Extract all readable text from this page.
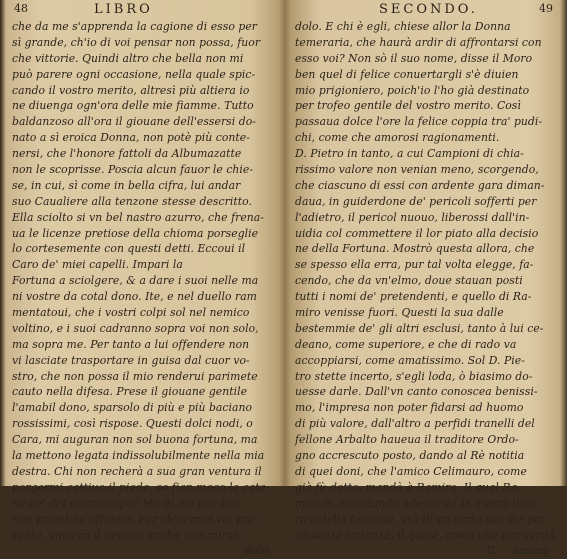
48	LIBRO
che da me s'apprenda la cagione di esso per
sì grande, ch'io di voi pensar non possa, fuor
che vittorie. Quindi altro che bella non mi
può parere ogni occasione, nella quale spic-
cando il vostro merito, altresì più altiera io
ne diuenga ogn'ora delle mie fiamme. Tutto
baldanzoso all'ora il giouane dell'essersi do-
nato a sì eroica Donna, non potè più conte-
nersi, che l'honore fattoli da Albumazatte
non le scoprisse. Poscia alcun fauor le chie-
se, in cui, sì come in bella cifra, lui andar
suo Caualiere alla tenzone stesse descritto.
Ella sciolto si vn bel nastro azurro, che frena-
ua le licenze pretiose della chioma porseglie
lo cortesemente con questi detti. Eccoui il
Caro de' miei capelli. Impari la
Fortuna a sciolgere, & a dare i suoi nelle ma
ni vostre da cotal dono. Ite, e nel duello ram
mentatoui, che i vostri colpi sol nel nemico
voltino, e i suoi cadranno sopra voi non solo,
ma sopra me. Per tanto a lui offendere non
vi lasciate trasportare in guisa dal cuor vo-
stro, che non possa il mio renderui parimete
cauto nella difesa. Prese il giouane gentile
l'amabil dono, sparsolo di più e più baciano
rossissimi, così rispose. Questi dolci nodi, o
Cara, mi auguran non sol buona fortuna, ma
la mettono legata indissolubilmente nella mia
destra. Chi non recherà a sua gran ventura il
porgermi cattiuo il piede, se fian meco le cate-
ne de' del vostro capo? Ma di me per Dio
non prendete affanno. Pur ch'io miri voi pre-
sente, vincerò il nemico anche non miran-
dolo,
SECONDO.	49
dolo. E chi è egli, chiese allor la Donna
temeraria, che haurà ardir di affrontarsi con
esso voi? Non sò il suo nome, disse il Moro
ben quel di felice conuertargli s'è diuien
mio prigioniero, poich'io l'ho già destinato
per trofeo gentile del vostro merito. Così
passaua dolce l'ore la felice coppia tra' pudi-
chi, come che amorosi ragionamenti.
D. Pietro in tanto, a cui Campioni di chia-
rissimo valore non venian meno, scorgendo,
che ciascuno di essi con ardente gara diman-
daua, in guiderdone de' pericoli sofferti per
l'adietro, il pericol nuouo, liberossi dall'in-
uidia col commettere il lor piato alla decisio
ne della Fortuna. Mostrò questa allora, che
se spesso ella erra, pur tal volta elegge, fa-
cendo, che da vn'elmo, doue stauan posti
tutti i nomi de' pretendenti, e quello di Ra-
miro venisse fuori. Questi la sua dalle
bestemmie de' gli altri esclusi, tanto à lui ce-
deano, come superiore, e che di rado va
accoppiarsi, come amatissimo. Sol D. Pie-
tro stette incerto, s'egli loda, ò biasimo do-
uesse darle. Dall'vn canto conoscea benissi-
mo, l'impresa non poter fidarsi ad huomo
di più valore, dall'altro a perfidi tranelli del
fellone Arbalto haueua il traditore Ordo-
gno accrescuto posto, dando al Rè notitia
di quei doni, che l'amico Celimauro, come
già fù detto, mandò à Ramiro. Il qual Ra-
miro in accettando adesso da D. Pietro il ca-
rico della tenzone, vsò di vn certo suo dir par
co senza iattanza, il quale, come che per verità
C nascel-
